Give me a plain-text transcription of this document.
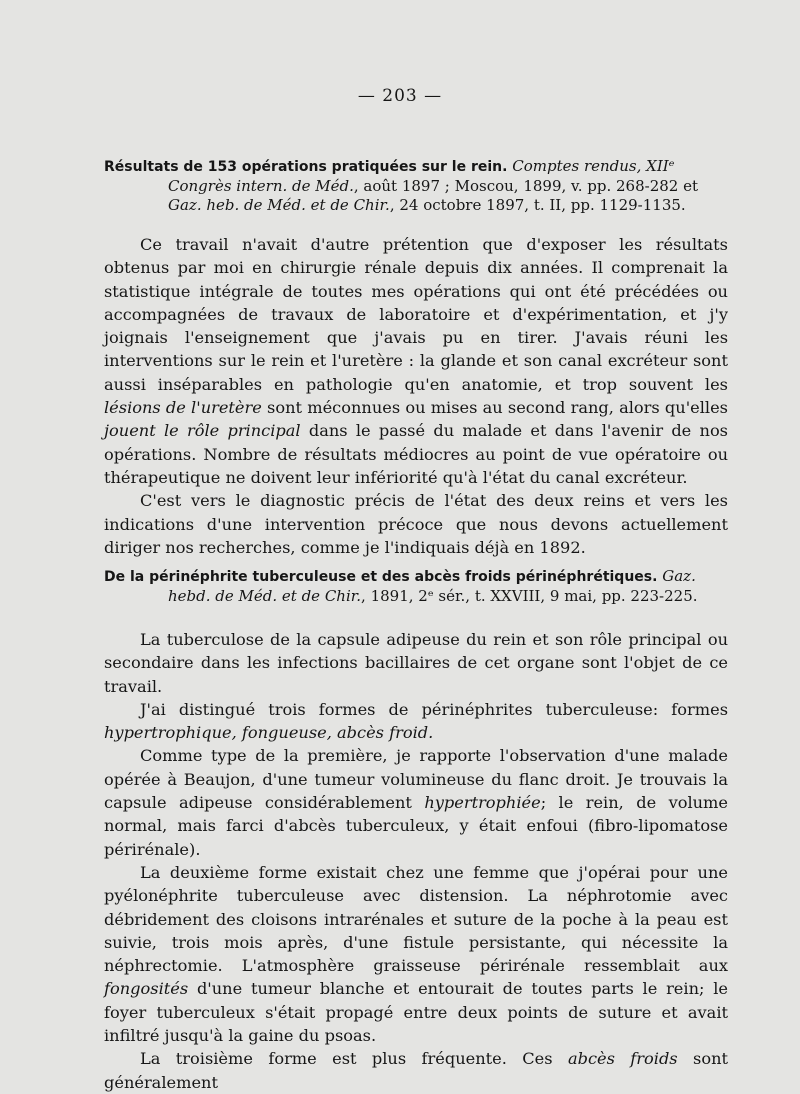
— 203 —
Résultats de 153 opérations pratiquées sur le rein. Comptes rendus, XIIᵉ Congrès intern. de Méd., août 1897 ; Moscou, 1899, v. pp. 268-282 et Gaz. heb. de Méd. et de Chir., 24 octobre 1897, t. II, pp. 1129-1135.

Ce travail n'avait d'autre prétention que d'exposer les résultats obtenus par moi en chirurgie rénale depuis dix années. Il comprenait la statistique intégrale de toutes mes opérations qui ont été précédées ou accompagnées de travaux de laboratoire et d'expérimentation, et j'y joignais l'enseignement que j'avais pu en tirer. J'avais réuni les interventions sur le rein et l'uretère : la glande et son canal excréteur sont aussi inséparables en pathologie qu'en anatomie, et trop souvent les lésions de l'uretère sont méconnues ou mises au second rang, alors qu'elles jouent le rôle principal dans le passé du malade et dans l'avenir de nos opérations. Nombre de résultats médiocres au point de vue opératoire ou thérapeutique ne doivent leur infériorité qu'à l'état du canal excréteur.

C'est vers le diagnostic précis de l'état des deux reins et vers les indications d'une intervention précoce que nous devons actuellement diriger nos recherches, comme je l'indiquais déjà en 1892.

De la périnéphrite tuberculeuse et des abcès froids périnéphrétiques. Gaz. hebd. de Méd. et de Chir., 1891, 2ᵉ sér., t. XXVIII, 9 mai, pp. 223-225.

La tuberculose de la capsule adipeuse du rein et son rôle principal ou secondaire dans les infections bacillaires de cet organe sont l'objet de ce travail.

J'ai distingué trois formes de périnéphrites tuberculeuse: formes hypertrophique, fongueuse, abcès froid.

Comme type de la première, je rapporte l'observation d'une malade opérée à Beaujon, d'une tumeur volumineuse du flanc droit. Je trouvais la capsule adipeuse considérablement hypertrophiée; le rein, de volume normal, mais farci d'abcès tuberculeux, y était enfoui (fibro-lipomatose périrénale).

La deuxième forme existait chez une femme que j'opérai pour une pyélonéphrite tuberculeuse avec distension. La néphrotomie avec débridement des cloisons intrarénales et suture de la poche à la peau est suivie, trois mois après, d'une fistule persistante, qui nécessite la néphrectomie. L'atmosphère graisseuse périrénale ressemblait aux fongosités d'une tumeur blanche et entourait de toutes parts le rein; le foyer tuberculeux s'était propagé entre deux points de suture et avait infiltré jusqu'à la gaine du psoas.

La troisième forme est plus fréquente. Ces abcès froids sont généralement
